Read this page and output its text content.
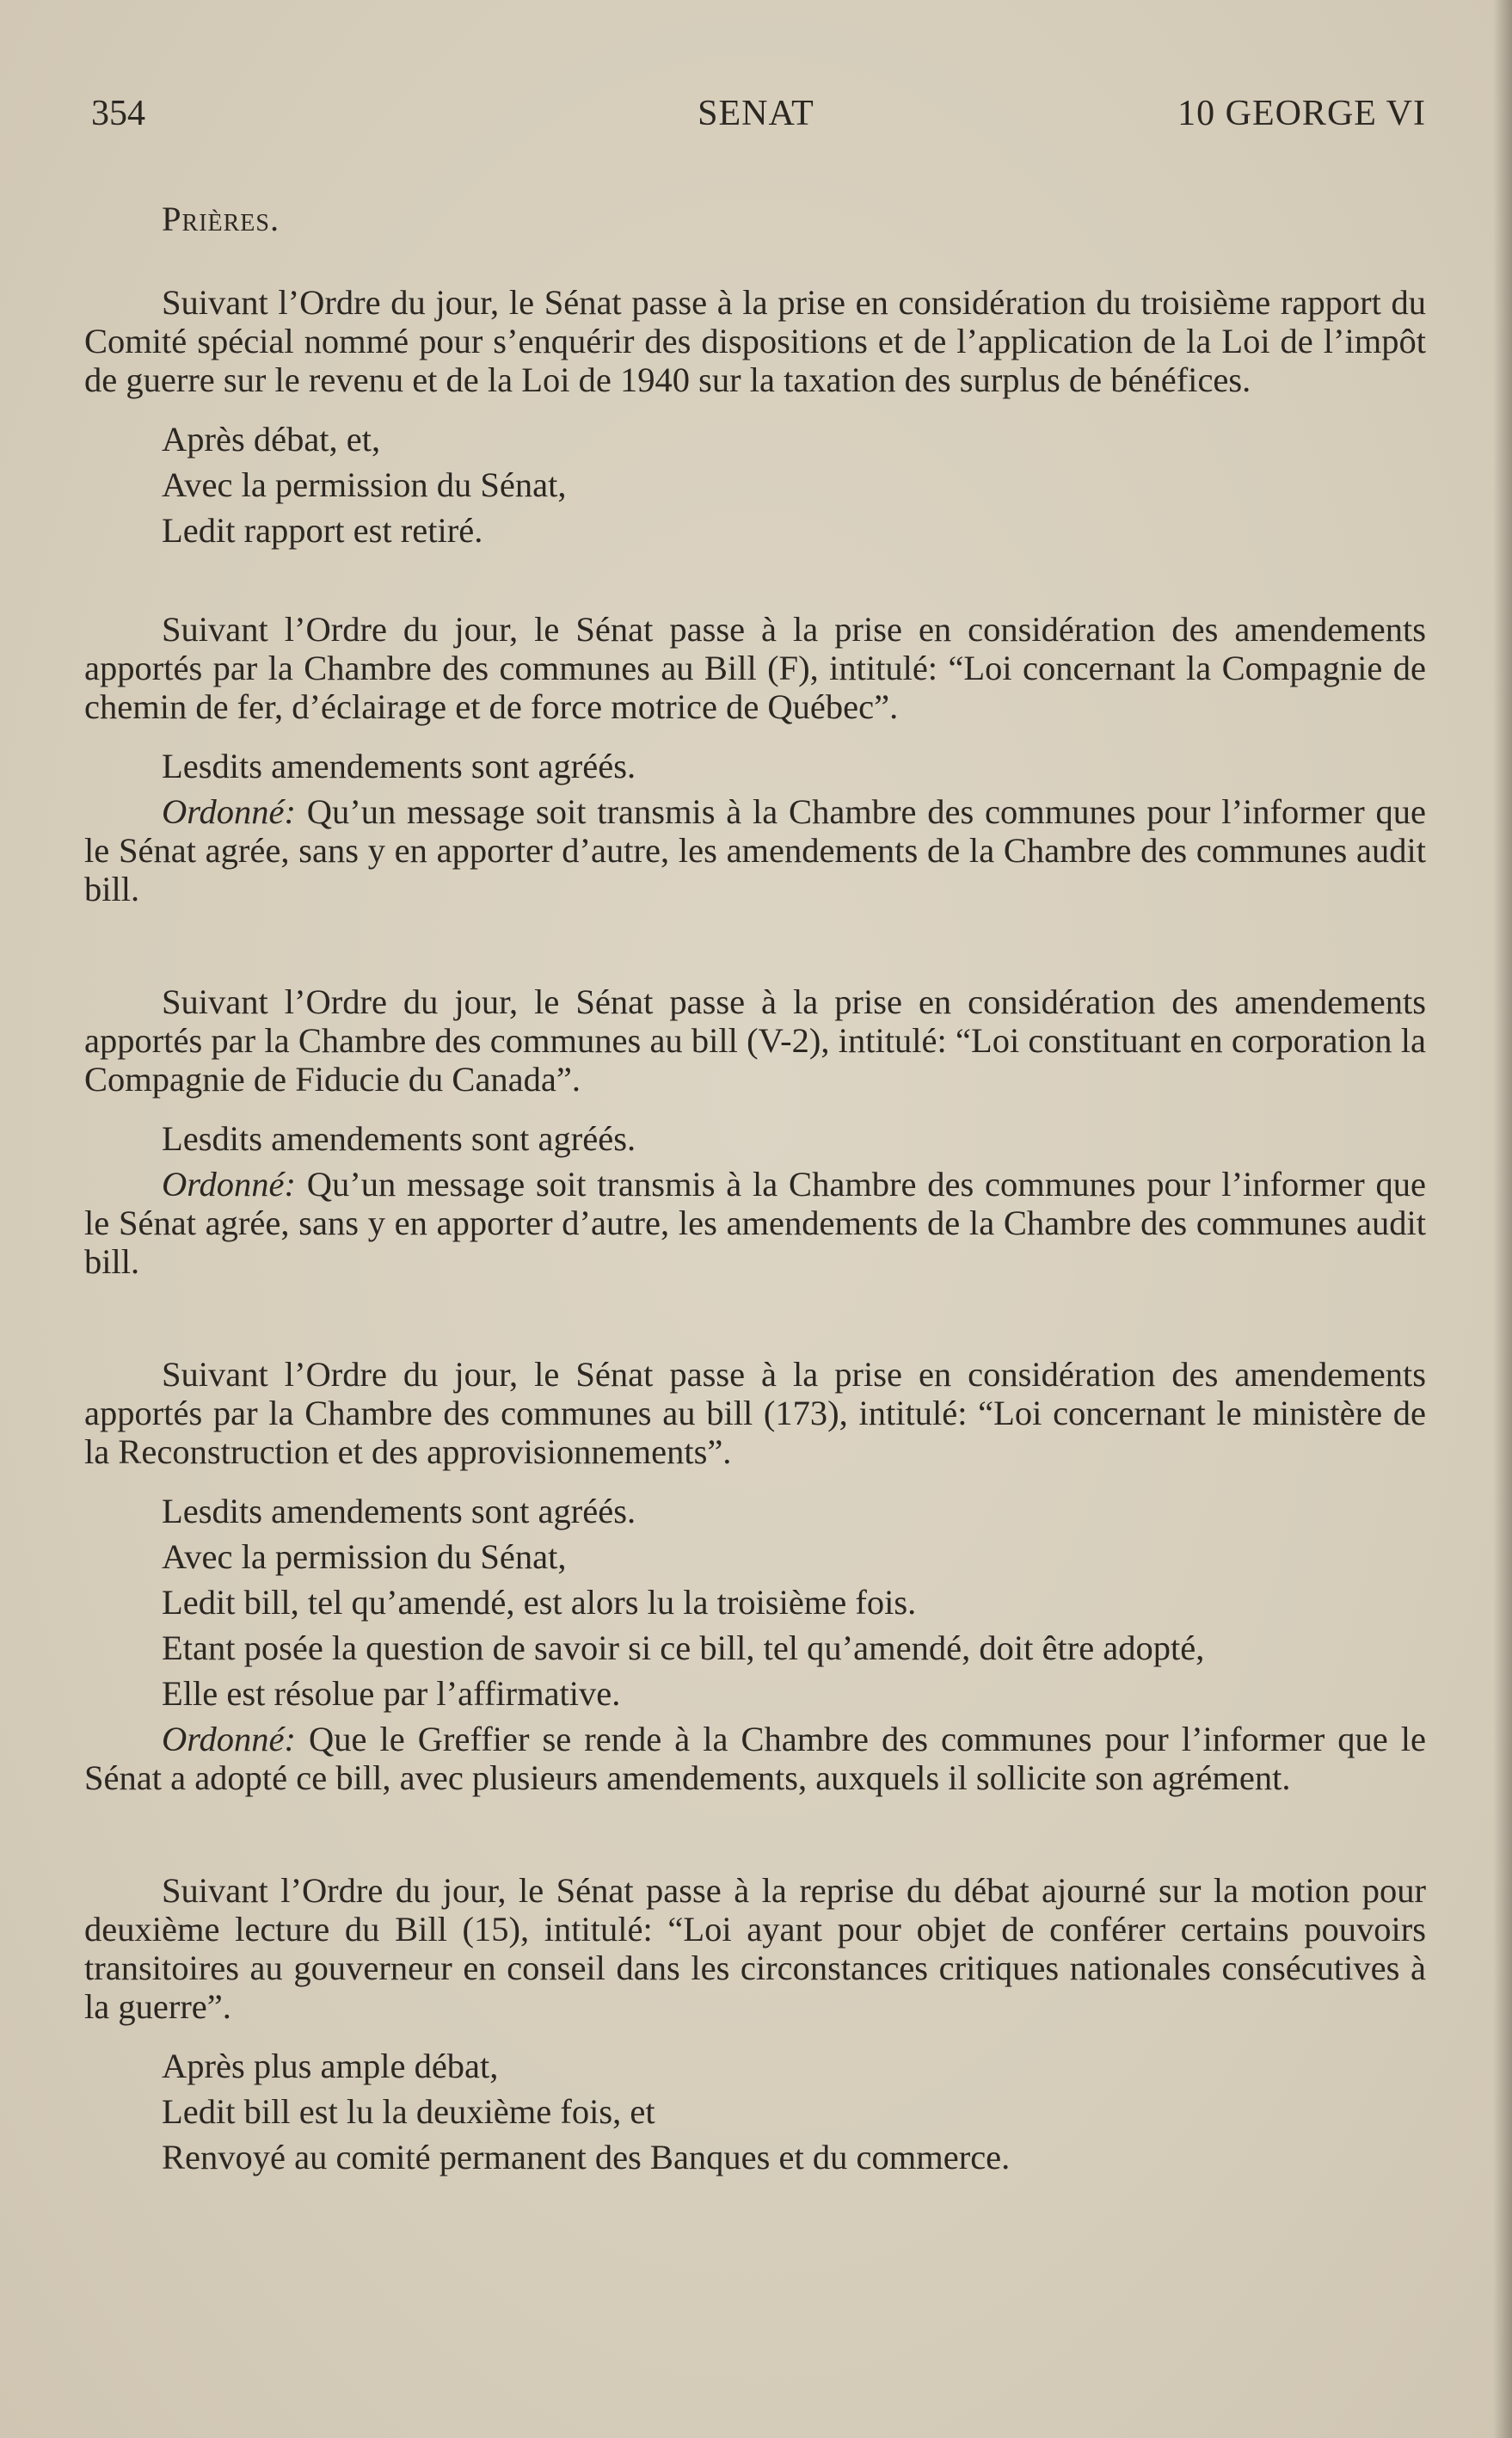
354	SENAT	10 GEORGE VI
Prières.

Suivant l’Ordre du jour, le Sénat passe à la prise en considération du troisième rapport du Comité spécial nommé pour s’enquérir des dispositions et de l’application de la Loi de l’impôt de guerre sur le revenu et de la Loi de 1940 sur la taxation des surplus de bénéfices.

Après débat, et,
Avec la permission du Sénat,
Ledit rapport est retiré.

Suivant l’Ordre du jour, le Sénat passe à la prise en considération des amendements apportés par la Chambre des communes au Bill (F), intitulé: “Loi concernant la Compagnie de chemin de fer, d’éclairage et de force motrice de Québec”.

Lesdits amendements sont agréés.

Ordonné: Qu’un message soit transmis à la Chambre des communes pour l’informer que le Sénat agrée, sans y en apporter d’autre, les amendements de la Chambre des communes audit bill.

Suivant l’Ordre du jour, le Sénat passe à la prise en considération des amendements apportés par la Chambre des communes au bill (V-2), intitulé: “Loi constituant en corporation la Compagnie de Fiducie du Canada”.

Lesdits amendements sont agréés.

Ordonné: Qu’un message soit transmis à la Chambre des communes pour l’informer que le Sénat agrée, sans y en apporter d’autre, les amendements de la Chambre des communes audit bill.

Suivant l’Ordre du jour, le Sénat passe à la prise en considération des amendements apportés par la Chambre des communes au bill (173), intitulé: “Loi concernant le ministère de la Reconstruction et des approvisionnements”.

Lesdits amendements sont agréés.
Avec la permission du Sénat,
Ledit bill, tel qu’amendé, est alors lu la troisième fois.
Etant posée la question de savoir si ce bill, tel qu’amendé, doit être adopté,
Elle est résolue par l’affirmative.

Ordonné: Que le Greffier se rende à la Chambre des communes pour l’informer que le Sénat a adopté ce bill, avec plusieurs amendements, auxquels il sollicite son agrément.

Suivant l’Ordre du jour, le Sénat passe à la reprise du débat ajourné sur la motion pour deuxième lecture du Bill (15), intitulé: “Loi ayant pour objet de conférer certains pouvoirs transitoires au gouverneur en conseil dans les circonstances critiques nationales consécutives à la guerre”.

Après plus ample débat,
Ledit bill est lu la deuxième fois, et
Renvoyé au comité permanent des Banques et du commerce.
